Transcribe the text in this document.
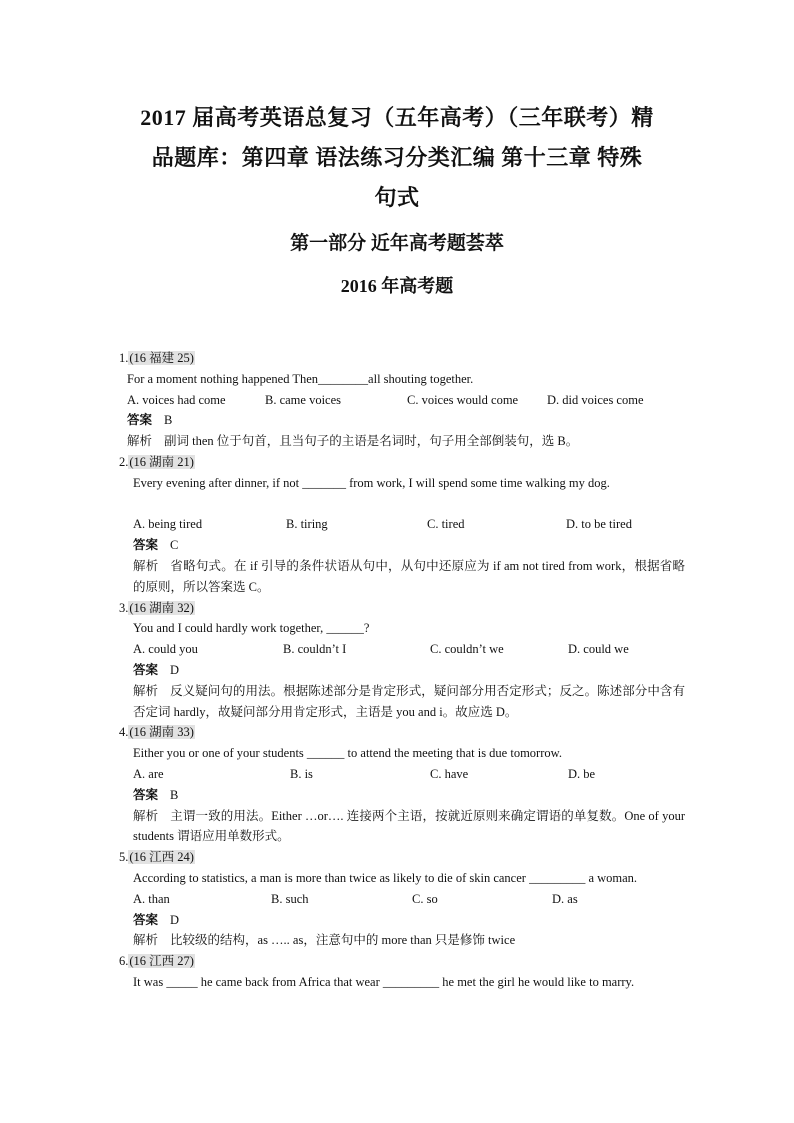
2017 届高考英语总复习（五年高考）（三年联考）精
品题库：第四章 语法练习分类汇编 第十三章 特殊
句式
第一部分 近年高考题荟萃
2016 年高考题
1.(16 福建 25)
For a moment nothing happened Then________all shouting together.
A. voices had come	B. came voices	C. voices would come	D. did voices come
答案 B
解析 副词 then 位于句首，且当句子的主语是名词时，句子用全部倒装句，选 B。
2.(16 湖南 21)
Every evening after dinner, if not _______ from work, I will spend some time walking my dog.
A. being tired	B. tiring	C. tired	D. to be tired
答案 C
解析 省略句式。在 if 引导的条件状语从句中，从句中还原应为 if am not tired from work，根据省略的原则，所以答案选 C。
3.(16 湖南 32)
You and I could hardly work together, ______?
A. could you	B. couldn’t I	C. couldn’t we	D. could we
答案 D
解析 反义疑问句的用法。根据陈述部分是肯定形式，疑问部分用否定形式；反之。陈述部分中含有否定词 hardly，故疑问部分用肯定形式，主语是 you and i。故应选 D。
4.(16 湖南 33)
Either you or one of your students ______ to attend the meeting that is due tomorrow.
A. are	B. is	C. have	D. be
答案 B
解析 主谓一致的用法。Either …or…. 连接两个主语，按就近原则来确定谓语的单复数。One of your students 谓语应用单数形式。
5.(16 江西 24)
According to statistics, a man is more than twice as likely to die of skin cancer _________ a woman.
A. than	B. such	C. so	D. as
答案 D
解析 比较级的结构，as ….. as，注意句中的 more than 只是修饰 twice
6.(16 江西 27)
It was _____ he came back from Africa that wear _________ he met the girl he would like to marry.
